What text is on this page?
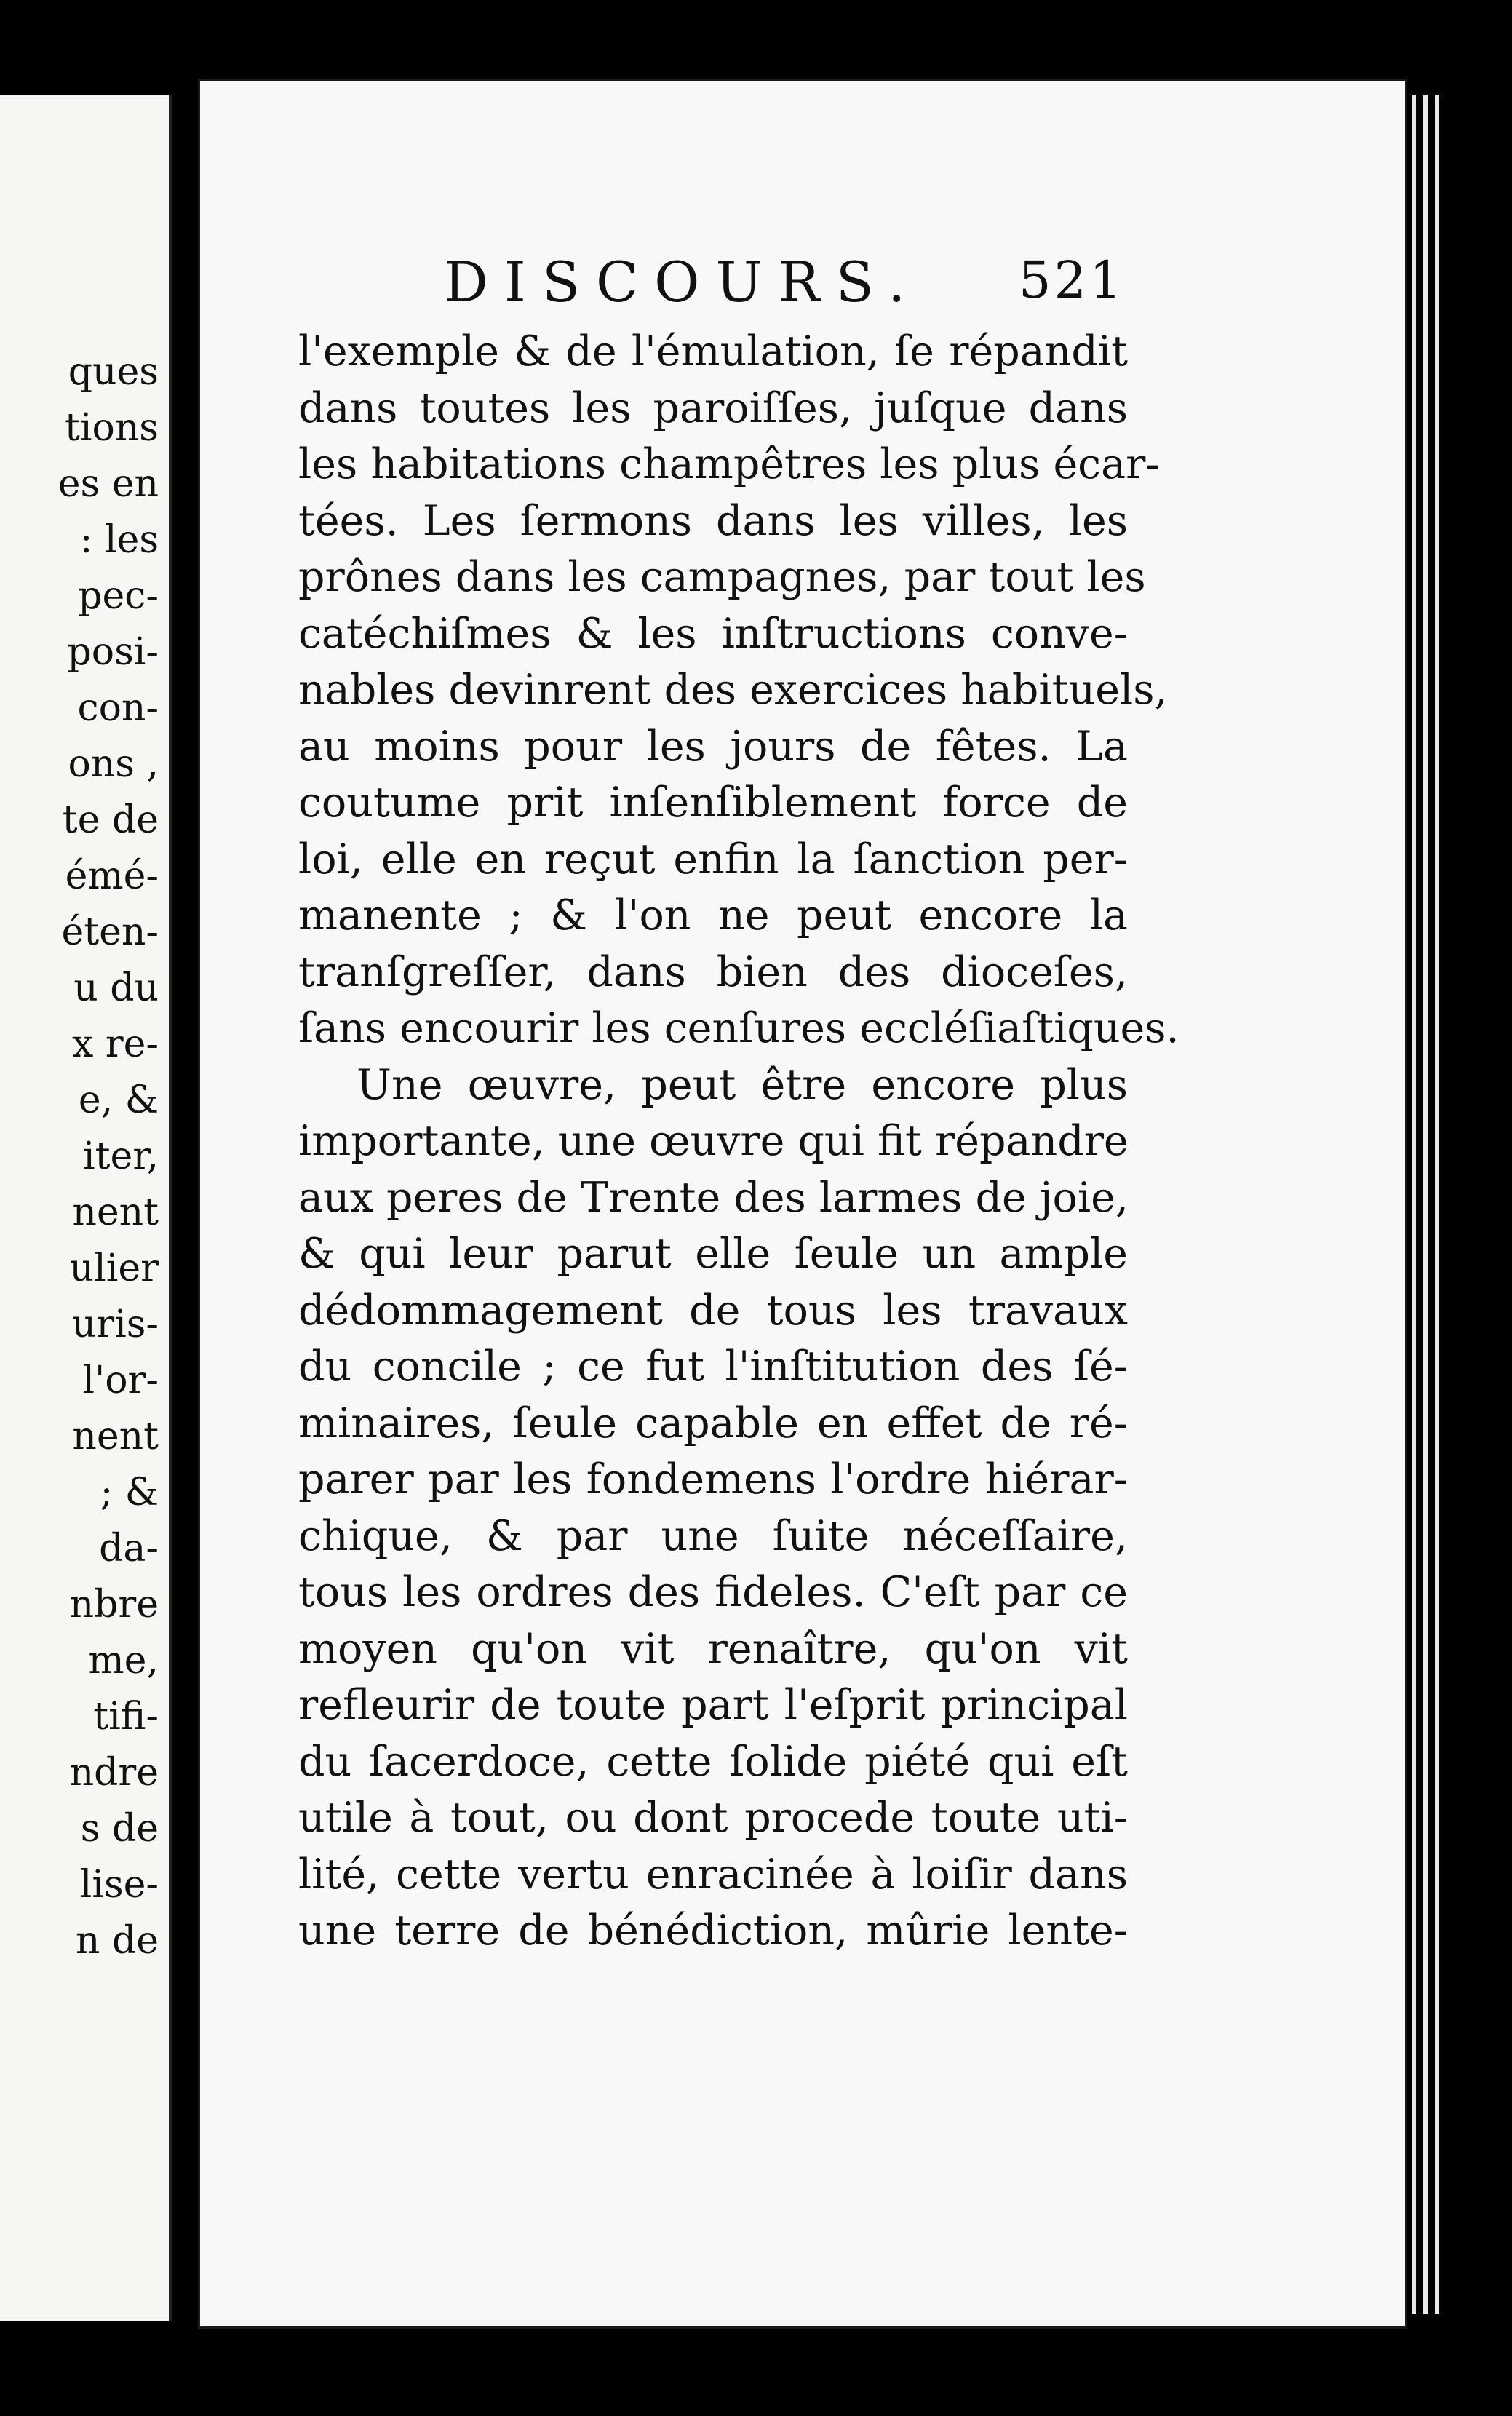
ques
tions
es en
: les
pec-
posi-
con-
ons ,
te de
émé-
éten-
u du
x re-
e, &
iter,
nent
ulier
uris-
l'or-
nent
; &
da-
nbre
me,
tifi-
ndre
s de
lise-
n de
DISCOURS. 521
l'exemple & de l'émulation, ſe répandit
dans toutes les paroiſſes, juſque dans
les habitations champêtres les plus écar-
tées. Les ſermons dans les villes, les
prônes dans les campagnes, par tout les
catéchiſmes & les inſtructions conve-
nables devinrent des exercices habituels,
au moins pour les jours de fêtes. La
coutume prit inſenſiblement force de
loi, elle en reçut enfin la ſanction per-
manente ; & l'on ne peut encore la
tranſgreſſer, dans bien des dioceſes,
ſans encourir les cenſures eccléſiaſtiques.
Une œuvre, peut être encore plus
importante, une œuvre qui fit répandre
aux peres de Trente des larmes de joie,
& qui leur parut elle ſeule un ample
dédommagement de tous les travaux
du concile ; ce fut l'inſtitution des ſé-
minaires, ſeule capable en effet de ré-
parer par les fondemens l'ordre hiérar-
chique, & par une ſuite néceſſaire,
tous les ordres des fideles. C'eſt par ce
moyen qu'on vit renaître, qu'on vit
refleurir de toute part l'eſprit principal
du ſacerdoce, cette ſolide piété qui eſt
utile à tout, ou dont procede toute uti-
lité, cette vertu enracinée à loiſir dans
une terre de bénédiction, mûrie lente-
